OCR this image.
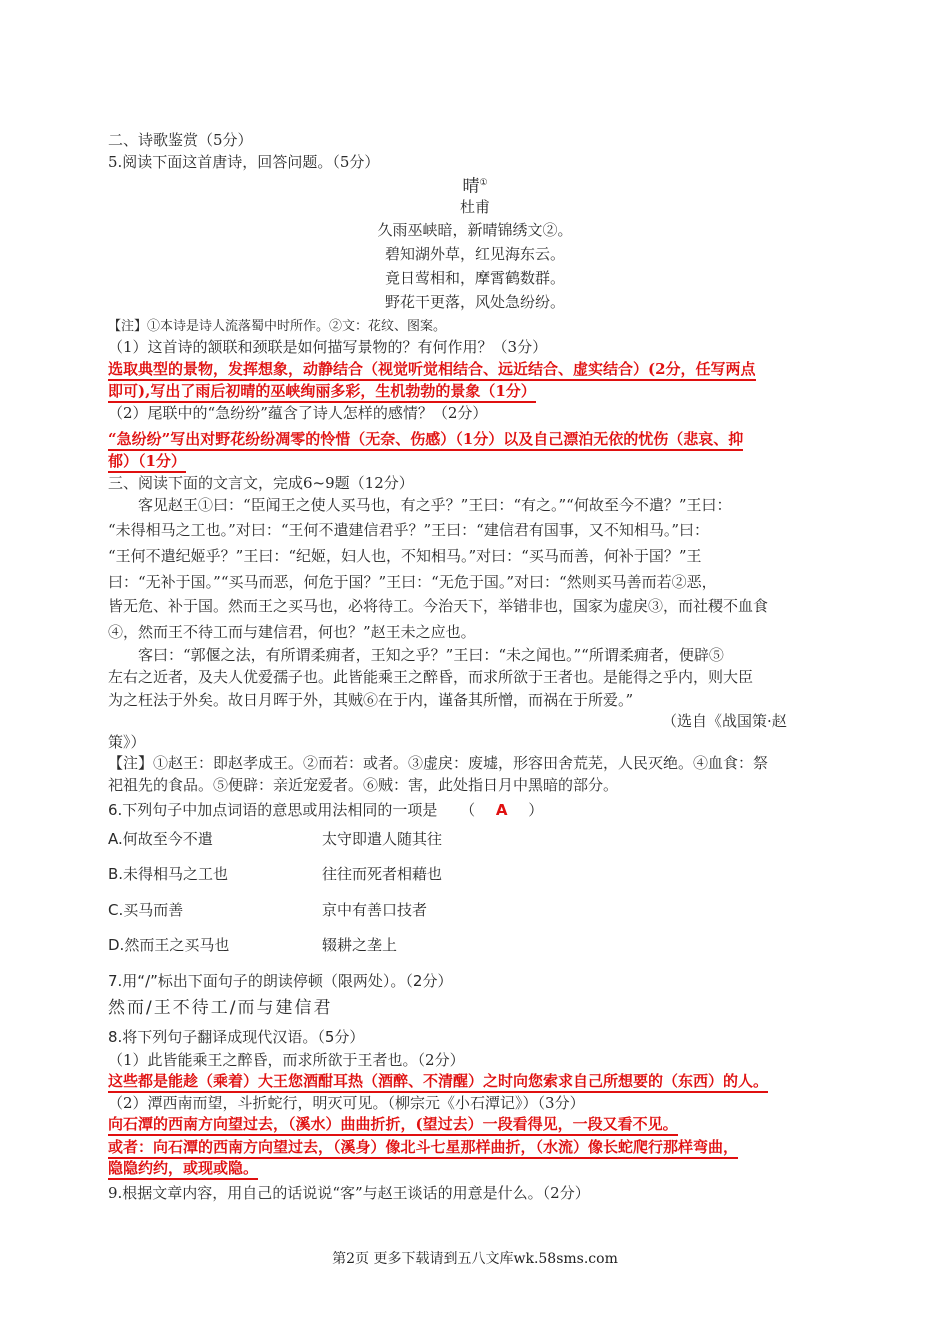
二、诗歌鉴赏（5分）
5.阅读下面这首唐诗，回答问题。（5分）
晴①
杜甫
久雨巫峡暗，新晴锦绣文②。
碧知湖外草，红见海东云。
竟日莺相和，摩霄鹤数群。
野花干更落，风处急纷纷。
【注】①本诗是诗人流落蜀中时所作。②文：花纹、图案。
（1）这首诗的颔联和颈联是如何描写景物的？有何作用？（3分）
选取典型的景物，发挥想象，动静结合（视觉听觉相结合、远近结合、虚实结合）(2分，任写两点
即可),写出了雨后初晴的巫峡绚丽多彩，生机勃勃的景象（1分）
（2）尾联中的“急纷纷”蕴含了诗人怎样的感情？（2分）
“急纷纷”写出对野花纷纷凋零的怜惜（无奈、伤感）（1分）以及自己漂泊无依的忧伤（悲哀、抑
郁）（1分）
三、阅读下面的文言文，完成6~9题（12分）
客见赵王①曰：“臣闻王之使人买马也，有之乎？”王曰：“有之。”“何故至今不遣？”王曰：
“未得相马之工也。”对曰：“王何不遣建信君乎？”王曰：“建信君有国事，又不知相马。”曰：
“王何不遣纪姬乎？”王曰：“纪姬，妇人也，不知相马。”对曰：“买马而善，何补于国？”王
曰：“无补于国。”“买马而恶，何危于国？”王曰：“无危于国。”对曰：“然则买马善而若②恶，
皆无危、补于国。然而王之买马也，必将待工。今治天下，举错非也，国家为虚戾③，而社稷不血食
④，然而王不待工而与建信君，何也？”赵王未之应也。
客曰：“郭偃之法，有所谓柔痈者，王知之乎？”王曰：“未之闻也。”“所谓柔痈者，便辟⑤
左右之近者，及夫人优爱孺子也。此皆能乘王之醉昏，而求所欲于王者也。是能得之乎内，则大臣
为之枉法于外矣。故日月晖于外，其贼⑥在于内，谨备其所憎，而祸在于所爱。”
（选自《战国策·赵
策》）
【注】①赵王：即赵孝成王。②而若：或者。③虚戾：废墟，形容田舍荒芜，人民灭绝。④血食：祭
祀祖先的食品。⑤便辟：亲近宠爱者。⑥贼：害，此处指日月中黑暗的部分。
6.下列句子中加点词语的意思或用法相同的一项是 （ A ）
A.何故至今不遣	太守即遣人随其往
B.未得相马之工也	往往而死者相藉也
C.买马而善	京中有善口技者
D.然而王之买马也	辍耕之垄上
7.用“/”标出下面句子的朗读停顿（限两处）。（2分）
然而/王不待工/而与建信君
8.将下列句子翻译成现代汉语。（5分）
（1）此皆能乘王之醉昏，而求所欲于王者也。（2分）
这些都是能趁（乘着）大王您酒酣耳热（酒醉、不清醒）之时向您索求自己所想要的（东西）的人。
（2）潭西南而望，斗折蛇行，明灭可见。（柳宗元《小石潭记》）（3分）
向石潭的西南方向望过去，（溪水）曲曲折折，(望过去）一段看得见，一段又看不见。
或者：向石潭的西南方向望过去，（溪身）像北斗七星那样曲折，（水流）像长蛇爬行那样弯曲，
隐隐约约，或现或隐。
9.根据文章内容，用自己的话说说“客”与赵王谈话的用意是什么。（2分）
第2页 更多下载请到五八文库wk.58sms.com
